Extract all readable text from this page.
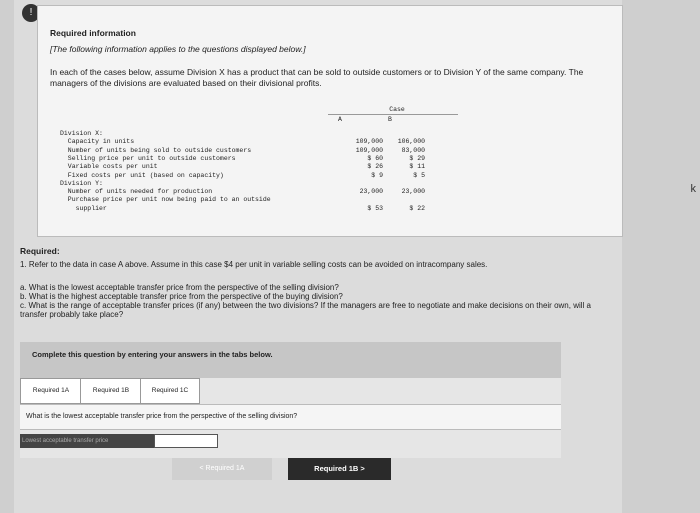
k
!
Required information
[The following information applies to the questions displayed below.]
In each of the cases below, assume Division X has a product that can be sold to outside customers or to Division Y of the same company. The managers of the divisions are evaluated based on their divisional profits.
Case
A	B
Division X:
Capacity in units	109,000	106,000
Number of units being sold to outside customers	109,000	83,000
Selling price per unit to outside customers	$ 60	$ 29
Variable costs per unit	$ 26	$ 11
Fixed costs per unit (based on capacity)	$ 9	$ 5
Division Y:
Number of units needed for production	23,000	23,000
Purchase price per unit now being paid to an outside
supplier	$ 53	$ 22
Required:
1. Refer to the data in case A above. Assume in this case $4 per unit in variable selling costs can be avoided on intracompany sales.
a. What is the lowest acceptable transfer price from the perspective of the selling division?
b. What is the highest acceptable transfer price from the perspective of the buying division?
c. What is the range of acceptable transfer prices (if any) between the two divisions? If the managers are free to negotiate and make decisions on their own, will a transfer probably take place?
Complete this question by entering your answers in the tabs below.
Required 1A	Required 1B	Required 1C
What is the lowest acceptable transfer price from the perspective of the selling division?
Lowest acceptable transfer price
< Required 1A	Required 1B >
